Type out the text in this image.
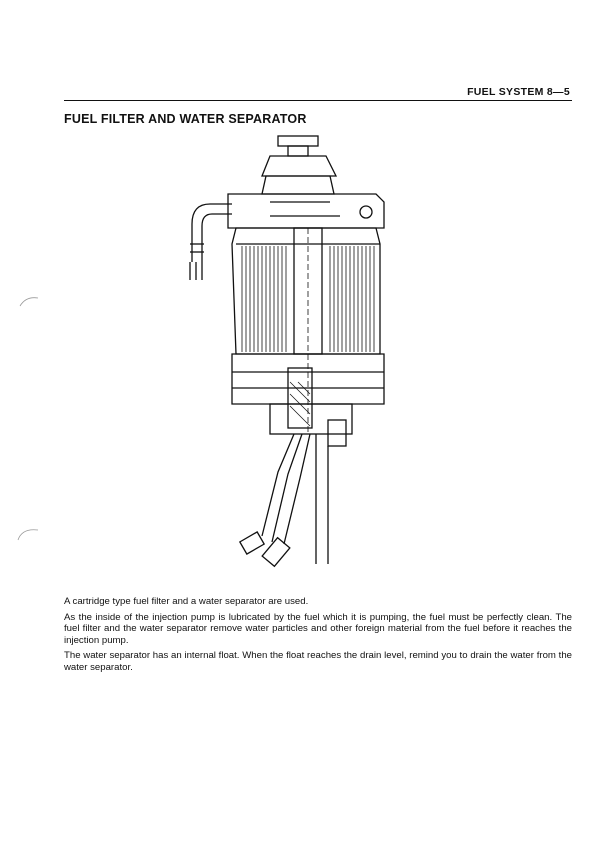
FUEL SYSTEM 8—5
FUEL FILTER AND WATER SEPARATOR

A cartridge type fuel filter and a water separator are used.

As the inside of the injection pump is lubricated by the fuel which it is pumping, the fuel must be perfectly clean. The fuel filter and the water separator remove water particles and other foreign material from the fuel before it reaches the injection pump.

The water separator has an internal float. When the float reaches the drain level, remind you to drain the water from the water separator.
